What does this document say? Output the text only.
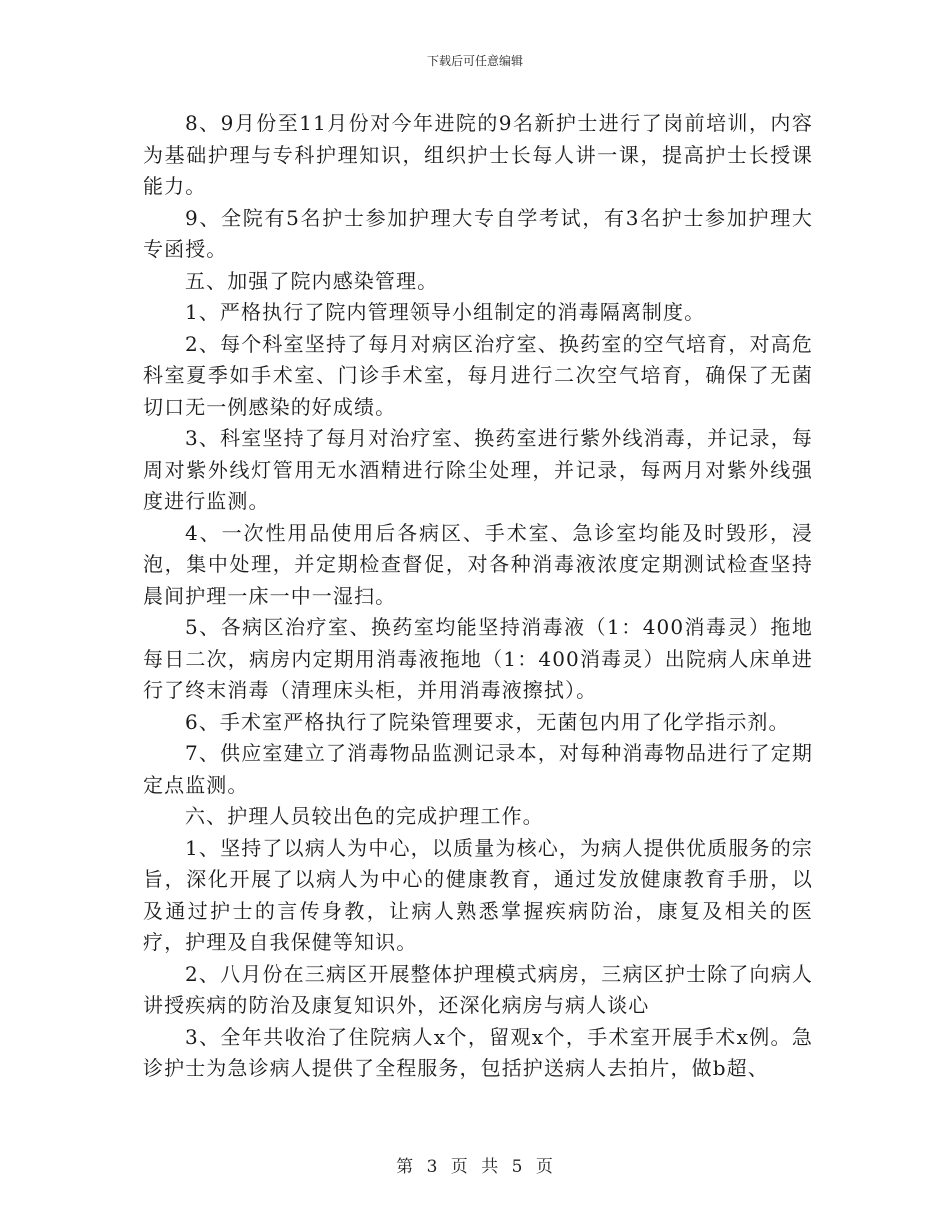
下载后可任意编辑

8、9月份至11月份对今年进院的9名新护士进行了岗前培训，内容为基础护理与专科护理知识，组织护士长每人讲一课，提高护士长授课能力。

9、全院有5名护士参加护理大专自学考试，有3名护士参加护理大专函授。

五、加强了院内感染管理。

1、严格执行了院内管理领导小组制定的消毒隔离制度。

2、每个科室坚持了每月对病区治疗室、换药室的空气培育，对高危科室夏季如手术室、门诊手术室，每月进行二次空气培育，确保了无菌切口无一例感染的好成绩。

3、科室坚持了每月对治疗室、换药室进行紫外线消毒，并记录，每周对紫外线灯管用无水酒精进行除尘处理，并记录，每两月对紫外线强度进行监测。

4、一次性用品使用后各病区、手术室、急诊室均能及时毁形，浸泡，集中处理，并定期检查督促，对各种消毒液浓度定期测试检查坚持晨间护理一床一中一湿扫。

5、各病区治疗室、换药室均能坚持消毒液（1：400消毒灵）拖地每日二次，病房内定期用消毒液拖地（1：400消毒灵）出院病人床单进行了终末消毒（清理床头柜，并用消毒液擦拭）。

6、手术室严格执行了院染管理要求，无菌包内用了化学指示剂。

7、供应室建立了消毒物品监测记录本，对每种消毒物品进行了定期定点监测。

六、护理人员较出色的完成护理工作。

1、坚持了以病人为中心，以质量为核心，为病人提供优质服务的宗旨，深化开展了以病人为中心的健康教育，通过发放健康教育手册，以及通过护士的言传身教，让病人熟悉掌握疾病防治，康复及相关的医疗，护理及自我保健等知识。

2、八月份在三病区开展整体护理模式病房，三病区护士除了向病人讲授疾病的防治及康复知识外，还深化病房与病人谈心

3、全年共收治了住院病人x个，留观x个，手术室开展手术x例。急诊护士为急诊病人提供了全程服务，包括护送病人去拍片，做b超、

第 3 页 共 5 页
